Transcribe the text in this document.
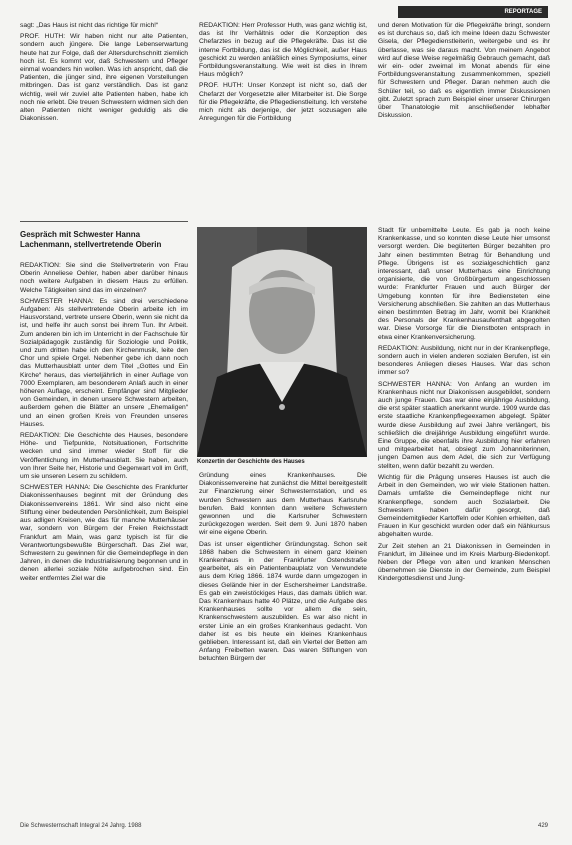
REPORTAGE

sagt: „Das Haus ist nicht das richtige für mich!“

PROF. HUTH: Wir haben nicht nur alte Patienten, sondern auch jüngere. Die lange Lebenserwartung heute hat zur Folge, daß der Altersdurchschnitt ziemlich hoch ist. Es kommt vor, daß Schwestern und Pfleger einmal woanders hin wollen. Was ich anspricht, daß die Patienten, die jünger sind, ihre eigenen Vorstellungen mitbringen. Das ist ganz verständlich. Das ist ganz wichtig, weil wir zuviel alte Patienten haben, habe ich noch nie erlebt. Die treuen Schwestern widmen sich den alten Patienten nicht weniger geduldig als die Diakonissen.

REDAKTION: Herr Professor Huth, was ganz wichtig ist, das ist Ihr Verhältnis oder die Konzeption des Chefarztes in bezug auf die Pflegekräfte. Das ist die interne Fortbildung, das ist die Möglichkeit, außer Haus geschickt zu werden anläßlich eines Symposiums, einer Fortbildungsveranstaltung. Wie weit ist dies in Ihrem Haus möglich?

PROF. HUTH: Unser Konzept ist nicht so, daß der Chefarzt der Vorgesetzte aller Mitarbeiter ist. Die Sorge für die Pflegekräfte, die Pflegedienstleitung. Ich verstehe mich nicht als derjenige, der jetzt sozusagen alle Anregungen für die Fortbildung

und deren Motivation für die Pflegekräfte bringt, sondern es ist durchaus so, daß ich meine Ideen dazu Schwester Gisela, der Pflegedienstleiterin, weitergebe und es ihr überlasse, was sie daraus macht. Von meinem Angebot wird auf diese Weise regelmäßig Gebrauch gemacht, daß wir ein- oder zweimal im Monat abends für eine Fortbildungsveranstaltung zusammenkommen, speziell für Schwestern und Pfleger. Daran nehmen auch die Schüler teil, so daß es eigentlich immer Diskussionen gibt. Zuletzt sprach zum Beispiel einer unserer Chirurgen über Thanatologie mit anschließender lebhafter Diskussion.

Gespräch mit Schwester Hanna Lachenmann, stellvertretende Oberin

REDAKTION: Sie sind die Stellvertreterin von Frau Oberin Anneliese Oehler, haben aber darüber hinaus noch weitere Aufgaben in diesem Haus zu erfüllen. Welche Tätigkeiten sind das im einzelnen?

SCHWESTER HANNA: Es sind drei verschiedene Aufgaben: Als stellvertretende Oberin arbeite ich im Hausvorstand, vertrete unsere Oberin, wenn sie nicht da ist, und helfe ihr auch sonst bei ihrem Tun. Ihr Arbeit. Zum anderen bin ich im Unterricht in der Fachschule für Sozialpädagogik zuständig für Soziologie und Politik, und zum dritten habe ich den Kirchenmusik, leite den Chor und spiele Orgel. Nebenher gebe ich dann noch das Mutterhausblatt unter dem Titel „Gottes und Ein Kirche“ heraus, das vierteljährlich in einer Auflage von 7000 Exemplaren, am besonderem Anlaß auch in einer höheren Auflage, erscheint. Empfänger sind Mitglieder von Gemeinden, in denen unsere Schwestern arbeiten, außerdem gehen die Blätter an unsere „Ehemaligen“ und an einen großen Kreis von Freunden unseres Hauses.

REDAKTION: Die Geschichte des Hauses, besondere Höhe- und Tiefpunkte, Notsituationen, Fortschritte wecken und sind immer wieder Stoff für die Veröffentlichung im Mutterhausblatt. Sie haben, auch von Ihrer Seite her, Historie und Gegenwart voll im Griff, um sie unseren Lesern zu schildern.

SCHWESTER HANNA: Die Geschichte des Frankfurter Diakonissenhauses beginnt mit der Gründung des Diakonissenvereins 1861. Wir sind also nicht eine Stiftung einer bedeutenden Persönlichkeit, zum Beispiel aus adligen Kreisen, wie das für manche Mutterhäuser war, sondern von Bürgern der Freien Reichsstadt Frankfurt am Main, was ganz typisch ist für die Verantwortungsbewußte Bürgerschaft. Das Ziel war, Schwestern zu gewinnen für die Gemeindepflege in den Jahren, in denen die Industrialisierung begonnen und in denen allerlei soziale Nöte aufgebrochen sind. Ein weiter entferntes Ziel war die

Konzertin der Geschichte des Hauses

Gründung eines Krankenhauses. Die Diakonissenvereine hat zunächst die Mittel bereitgestellt zur Finanzierung einer Schwesternstation, und es wurden Schwestern aus dem Mutterhaus Karlsruhe berufen. Bald konnten dann weitere Schwestern gewonnen und die Karlsruher Schwestern zurückgezogen werden. Seit dem 9. Juni 1870 haben wir eine eigene Oberin.

Das ist unser eigentlicher Gründungstag. Schon seit 1868 haben die Schwestern in einem ganz kleinen Krankenhaus in der Frankfurter Ostendstraße gearbeitet, als ein Patientenbauplatz von Verwundete aus dem Krieg 1866. 1874 wurde dann umgezogen in dieses Gelände hier in der Eschersheimer Landstraße. Es gab ein zweistöckiges Haus, das damals üblich war. Das Krankenhaus hatte 40 Plätze, und die Aufgabe des Krankenhauses sollte vor allem die sein, Krankenschwestern auszubilden. Es war also nicht in erster Linie an ein großes Krankenhaus gedacht. Von daher ist es bis heute ein kleines Krankenhaus geblieben. Interessant ist, daß ein Viertel der Betten am Anfang Freibetten waren. Das waren Stiftungen von betuchten Bürgern der

Stadt für unbemittelte Leute. Es gab ja noch keine Krankenkasse, und so konnten diese Leute hier umsonst versorgt werden. Die begüterten Bürger bezahlten pro Jahr einen bestimmten Betrag für Behandlung und Pflege. Übrigens ist es sozialgeschichtlich ganz interessant, daß unser Mutterhaus eine Einrichtung organisierte, die von Großbürgertum angeschlossen wurde: Frankfurter Frauen und auch Bürger der Umgebung konnten für ihre Bediensteten eine Versicherung abschließen. Sie zahlten an das Mutterhaus einen bestimmten Betrag im Jahr, womit bei Krankheit des Personals der Krankenhausaufenthalt abgegolten war. Diese Vorsorge für die Dienstboten entsprach in etwa einer Krankenversicherung.

REDAKTION: Ausbildung, nicht nur in der Krankenpflege, sondern auch in vielen anderen sozialen Berufen, ist ein besonderes Anliegen dieses Hauses. War das schon immer so?

SCHWESTER HANNA: Von Anfang an wurden im Krankenhaus nicht nur Diakonissen ausgebildet, sondern auch junge Frauen. Das war eine einjährige Ausbildung, die erst später staatlich anerkannt wurde. 1909 wurde das erste staatliche Krankenpflegeexamen abgelegt. Später wurde diese Ausbildung auf zwei Jahre verlängert, bis schließlich die dreijährige Ausbildung eingeführt wurde. Eine Gruppe, die ebenfalls ihre Ausbildung hier erfahren und mitgearbeitet hat, obsiegt zum Johanniterinnen, jungen Damen aus dem Adel, die sich zur Verfügung stellten, wenn dafür bezahlt zu werden.

Wichtig für die Prägung unseres Hauses ist auch die Arbeit in den Gemeinden, wo wir viele Stationen hatten. Damals umfaßte die Gemeindepflege nicht nur Krankenpflege, sondern auch Sozialarbeit. Die Schwestern haben dafür gesorgt, daß Gemeindemitglieder Kartoffeln oder Kohlen erhielten, daß Frauen in Kur geschickt wurden oder daß ein Nähkursus abgehalten wurde.

Zur Zeit stehen an 21 Diakonissen in Gemeinden in Frankfurt, im Jilleinee und im Kreis Marburg-Biedenkopf. Neben der Pflege von alten und kranken Menschen übernehmen sie Dienste in der Gemeinde, zum Beispiel Kindergottesdienst und Jung-

Die Schwesternschaft Integral 24 Jahrg. 1988	429
